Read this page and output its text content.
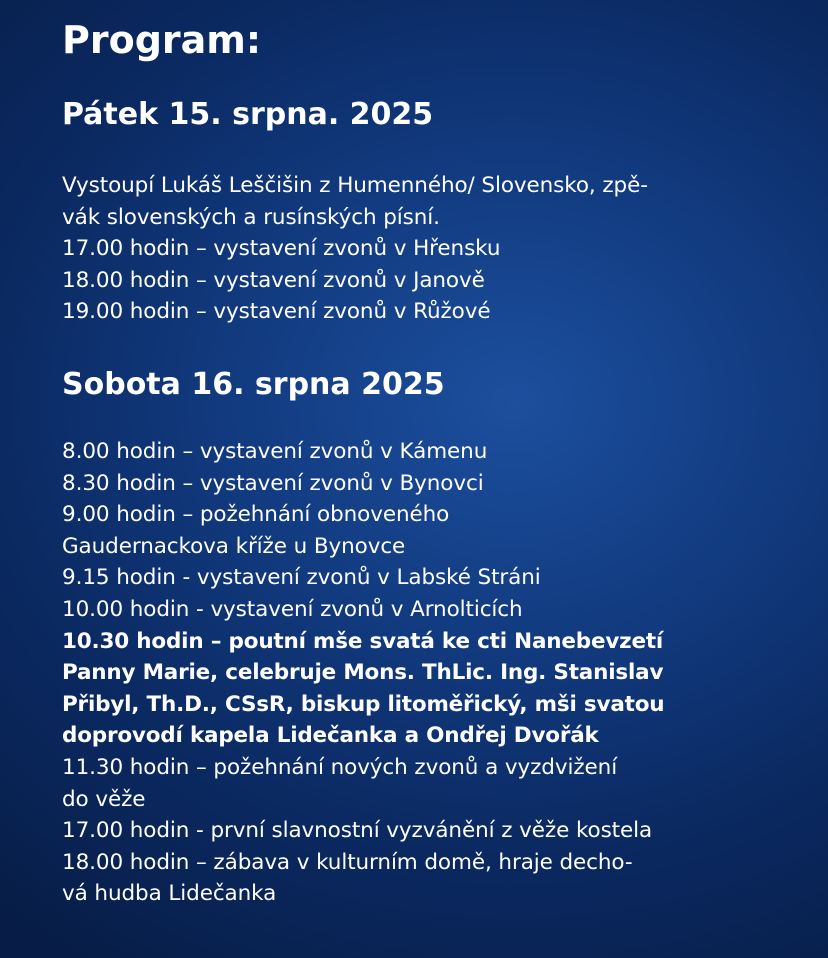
Program:
Pátek 15. srpna. 2025
Vystoupí Lukáš Leščišin z Humenného/ Slovensko, zpě-
vák slovenských a rusínských písní.
17.00 hodin – vystavení zvonů v Hřensku
18.00 hodin – vystavení zvonů v Janově
19.00 hodin – vystavení zvonů v Růžové
Sobota 16. srpna 2025
8.00 hodin – vystavení zvonů v Kámenu
8.30 hodin – vystavení zvonů v Bynovci
9.00 hodin – požehnání obnoveného
Gaudernackova kříže u Bynovce
9.15 hodin - vystavení zvonů v Labské Stráni
10.00 hodin - vystavení zvonů v Arnolticích
10.30 hodin – poutní mše svatá ke cti Nanebevzetí
Panny Marie, celebruje Mons. ThLic. Ing. Stanislav
Přibyl, Th.D., CSsR, biskup litoměřický, mši svatou
doprovodí kapela Lidečanka a Ondřej Dvořák
11.30 hodin – požehnání nových zvonů a vyzdvižení
do věže
17.00 hodin - první slavnostní vyzvánění z věže kostela
18.00 hodin – zábava v kulturním domě, hraje decho-
vá hudba Lidečanka
